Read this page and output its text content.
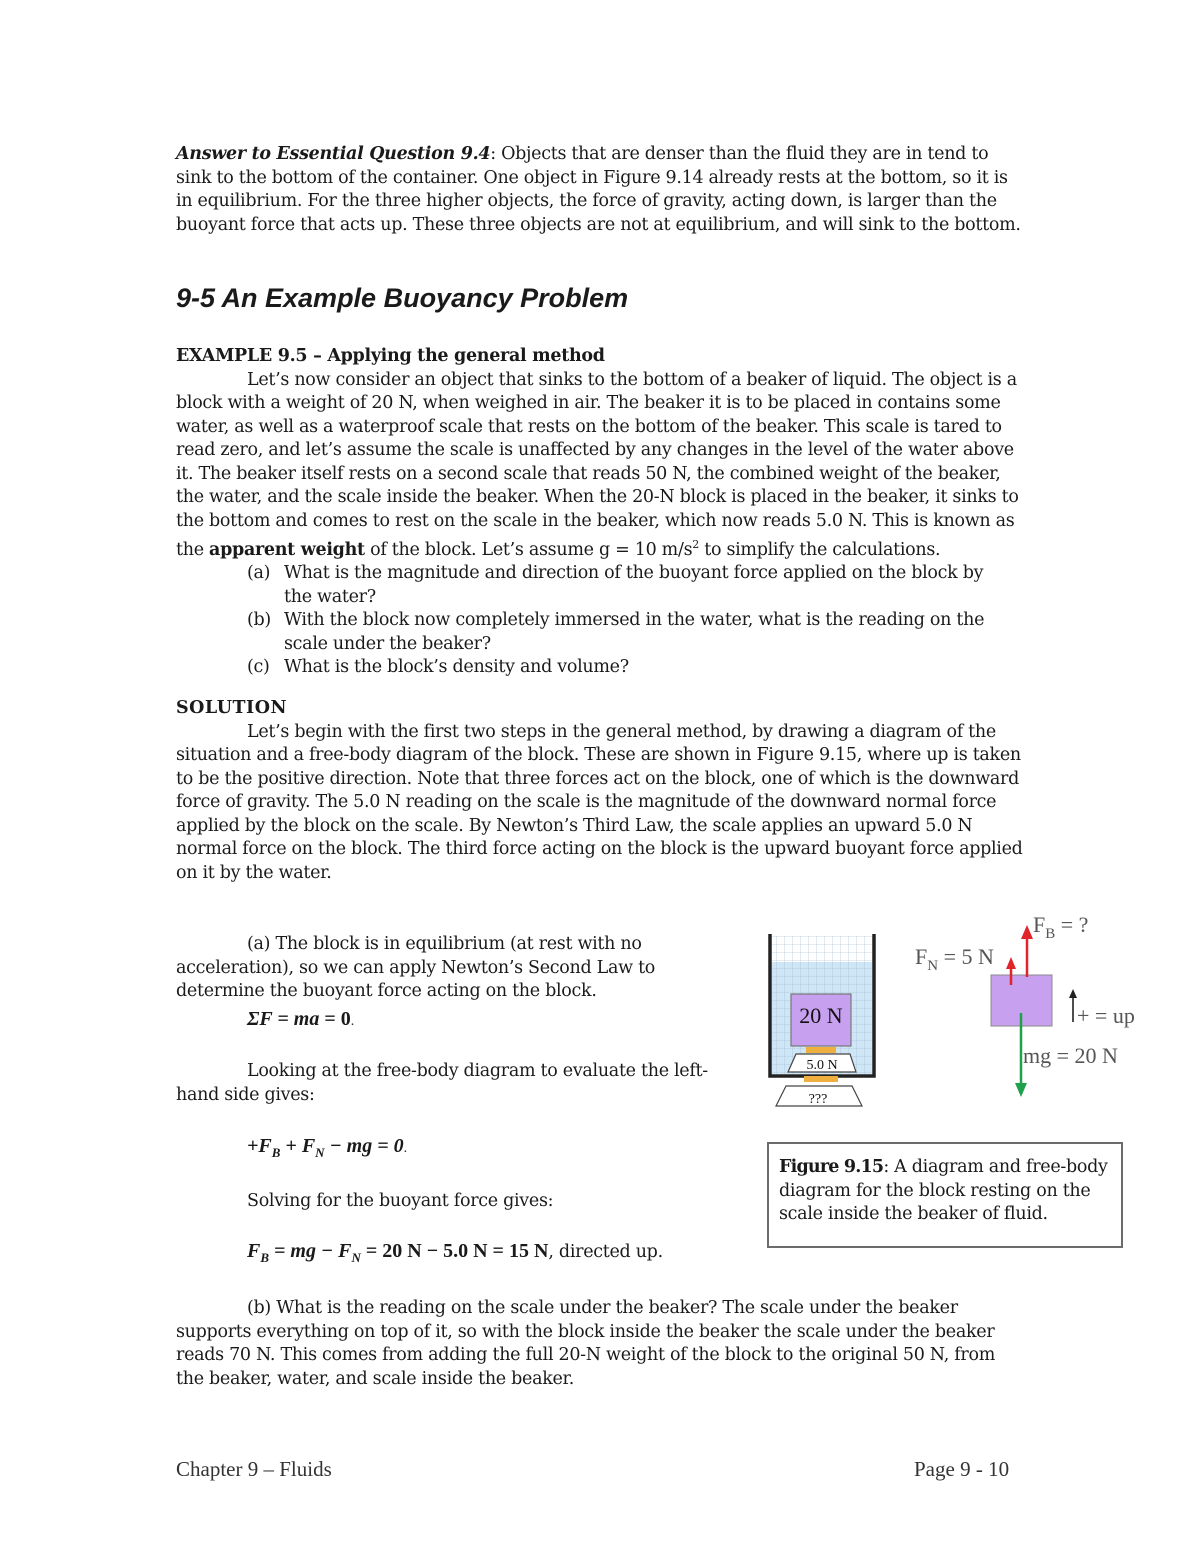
Answer to Essential Question 9.4: Objects that are denser than the fluid they are in tend to sink to the bottom of the container. One object in Figure 9.14 already rests at the bottom, so it is in equilibrium. For the three higher objects, the force of gravity, acting down, is larger than the buoyant force that acts up. These three objects are not at equilibrium, and will sink to the bottom.

9-5 An Example Buoyancy Problem

EXAMPLE 9.5 – Applying the general method

Let’s now consider an object that sinks to the bottom of a beaker of liquid. The object is a block with a weight of 20 N, when weighed in air. The beaker it is to be placed in contains some water, as well as a waterproof scale that rests on the bottom of the beaker. This scale is tared to read zero, and let’s assume the scale is unaffected by any changes in the level of the water above it. The beaker itself rests on a second scale that reads 50 N, the combined weight of the beaker, the water, and the scale inside the beaker. When the 20-N block is placed in the beaker, it sinks to the bottom and comes to rest on the scale in the beaker, which now reads 5.0 N. This is known as the apparent weight of the block. Let’s assume g = 10 $m/s^2$ to simplify the calculations.

(a) What is the magnitude and direction of the buoyant force applied on the block by the water?
(b) With the block now completely immersed in the water, what is the reading on the scale under the beaker?
(c) What is the block’s density and volume?

SOLUTION

Let’s begin with the first two steps in the general method, by drawing a diagram of the situation and a free-body diagram of the block. These are shown in Figure 9.15, where up is taken to be the positive direction. Note that three forces act on the block, one of which is the downward force of gravity. The 5.0 N reading on the scale is the magnitude of the downward normal force applied by the block on the scale. By Newton’s Third Law, the scale applies an upward 5.0 N normal force on the block. The third force acting on the block is the upward buoyant force applied on it by the water.

(a) The block is in equilibrium (at rest with no acceleration), so we can apply Newton’s Second Law to determine the buoyant force acting on the block.

ΣF = ma = 0.

Looking at the free-body diagram to evaluate the left-hand side gives:

$+F_B + F_N$ − mg = 0.

Solving for the buoyant force gives:

$F_B$ = mg − $F_N = 20$ N − 5.0 N = 15 N, directed up.

(b) What is the reading on the scale under the beaker? The scale under the beaker supports everything on top of it, so with the block inside the beaker the scale under the beaker reads 70 N. This comes from adding the full 20-N weight of the block to the original 50 N, from the beaker, water, and scale inside the beaker.

20 N
5.0 N
???
$F_B$ = ?
$F_N = 5$ N
+ = up
mg = 20 N

Figure 9.15: A diagram and free-body diagram for the block resting on the scale inside the beaker of fluid.

Chapter 9 – Fluids	Page 9 - 10
